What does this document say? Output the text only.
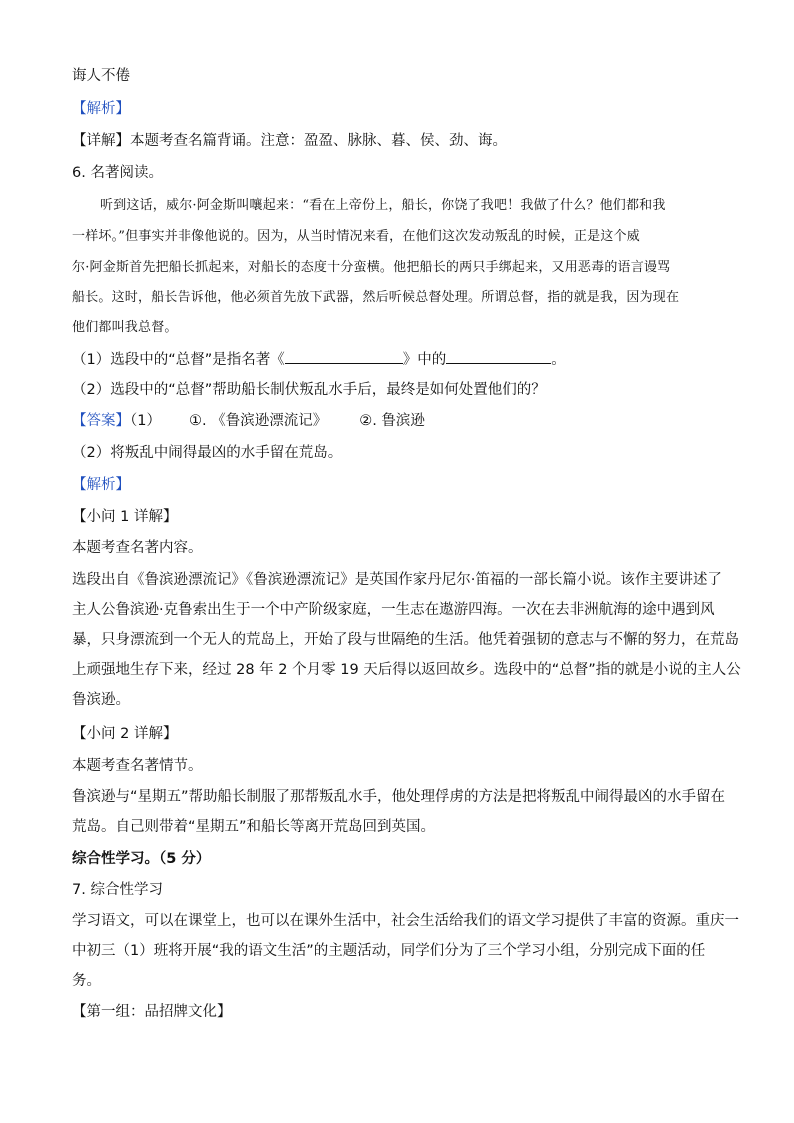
诲人不倦
【解析】
【详解】本题考查名篇背诵。注意：盈盈、脉脉、暮、侯、劲、诲。
6. 名著阅读。
听到这话，威尔·阿金斯叫嚷起来：“看在上帝份上，船长，你饶了我吧！我做了什么？他们都和我
一样坏。”但事实并非像他说的。因为，从当时情况来看，在他们这次发动叛乱的时候，正是这个威
尔·阿金斯首先把船长抓起来，对船长的态度十分蛮横。他把船长的两只手绑起来，又用恶毒的语言谩骂
船长。这时，船长告诉他，他必须首先放下武器，然后听候总督处理。所谓总督，指的就是我，因为现在
他们都叫我总督。
（1）选段中的“总督”是指名著《	》中的	。
（2）选段中的“总督”帮助船长制伏叛乱水手后，最终是如何处置他们的？
【答案】（1） ①. 《鲁滨逊漂流记》 ②. 鲁滨逊
（2）将叛乱中闹得最凶的水手留在荒岛。
【解析】
【小问 1 详解】
本题考查名著内容。
选段出自《鲁滨逊漂流记》《鲁滨逊漂流记》是英国作家丹尼尔·笛福的一部长篇小说。该作主要讲述了
主人公鲁滨逊·克鲁索出生于一个中产阶级家庭，一生志在遨游四海。一次在去非洲航海的途中遇到风
暴，只身漂流到一个无人的荒岛上，开始了段与世隔绝的生活。他凭着强韧的意志与不懈的努力，在荒岛
上顽强地生存下来，经过 28 年 2 个月零 19 天后得以返回故乡。选段中的“总督”指的就是小说的主人公
鲁滨逊。
【小问 2 详解】
本题考查名著情节。
鲁滨逊与“星期五”帮助船长制服了那帮叛乱水手，他处理俘虏的方法是把将叛乱中闹得最凶的水手留在
荒岛。自己则带着“星期五”和船长等离开荒岛回到英国。
综合性学习。（5 分）
7. 综合性学习
学习语文，可以在课堂上，也可以在课外生活中，社会生活给我们的语文学习提供了丰富的资源。重庆一
中初三（1）班将开展“我的语文生活”的主题活动，同学们分为了三个学习小组，分别完成下面的任
务。
【第一组：品招牌文化】
